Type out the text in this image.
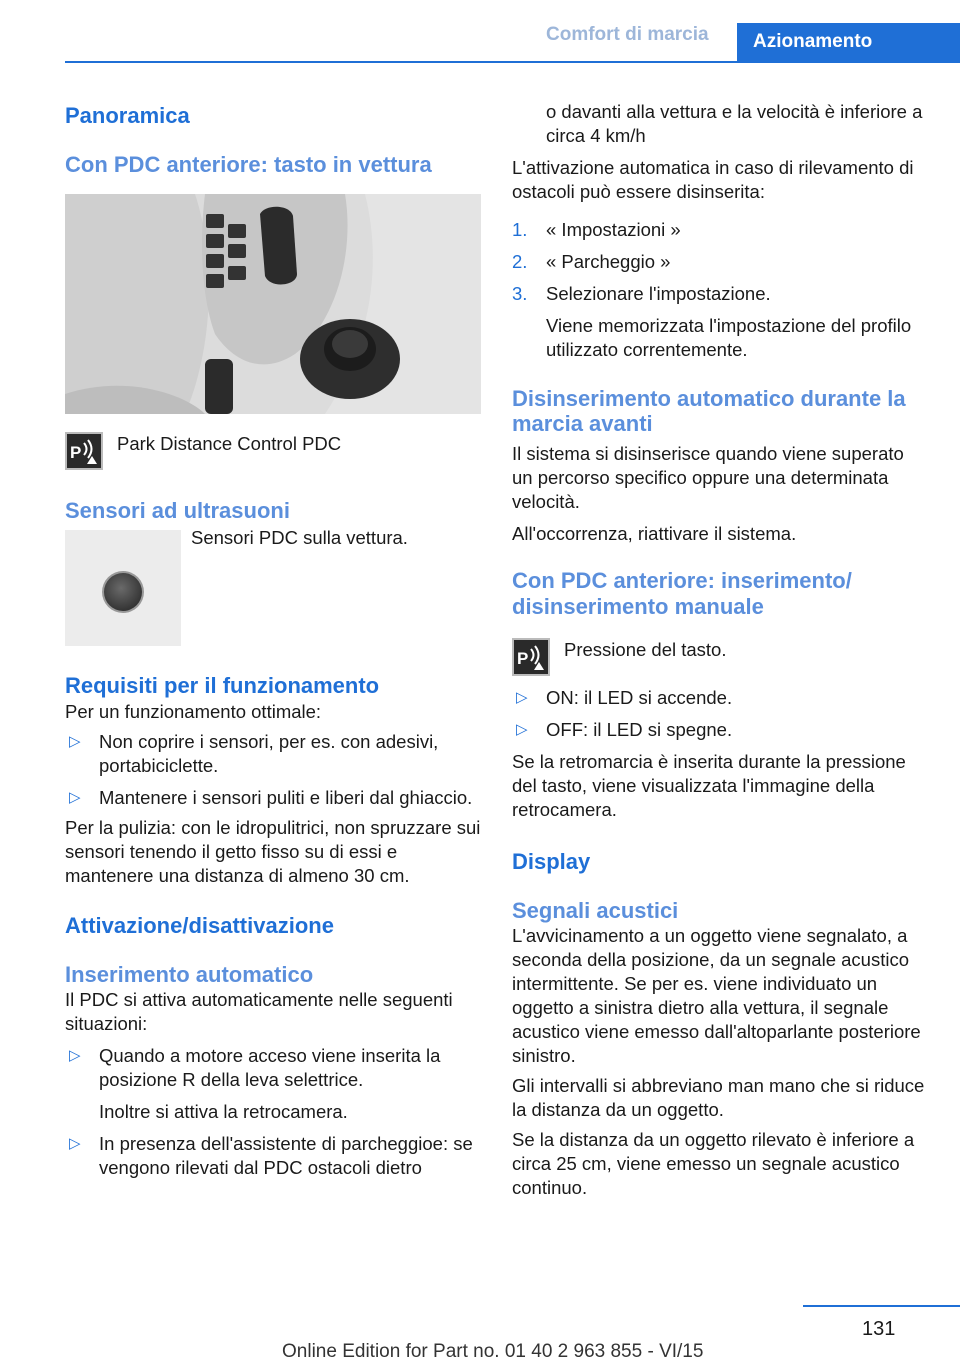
Comfort di marcia	Azionamento
Panoramica
Con PDC anteriore: tasto in vettura
P Park Distance Control PDC

Sensori ad ultrasuoni

Sensori PDC sulla vettura.

Requisiti per il funzionamento

Per un funzionamento ottimale:

▷ Non coprire i sensori, per es. con adesivi, portabiciclette.
▷ Mantenere i sensori puliti e liberi dal ghiaccio.

Per la pulizia: con le idropulitrici, non spruzzare sui sensori tenendo il getto fisso su di essi e mantenere una distanza di almeno 30 cm.

Attivazione/disattivazione
Inserimento automatico

Il PDC si attiva automaticamente nelle seguenti situazioni:

▷ Quando a motore acceso viene inserita la posizione R della leva selettrice.
Inoltre si attiva la retrocamera.
▷ In presenza dell'assistente di parcheggioe: se vengono rilevati dal PDC ostacoli dietro

o davanti alla vettura e la velocità è inferiore a circa 4 km/h

L'attivazione automatica in caso di rilevamento di ostacoli può essere disinserita:

1. « Impostazioni »
2. « Parcheggio »
3. Selezionare l'impostazione.
Viene memorizzata l'impostazione del profilo utilizzato correntemente.
Disinserimento automatico durante la marcia avanti

Il sistema si disinserisce quando viene superato un percorso specifico oppure una determinata velocità.

All'occorrenza, riattivare il sistema.

Con PDC anteriore: inserimento/ disinserimento manuale
P Pressione del tasto.

▷ ON: il LED si accende.
▷ OFF: il LED si spegne.

Se la retromarcia è inserita durante la pressione del tasto, viene visualizzata l'immagine della retrocamera.

Display
Segnali acustici

L'avvicinamento a un oggetto viene segnalato, a seconda della posizione, da un segnale acustico intermittente. Se per es. viene individuato un oggetto a sinistra dietro alla vettura, il segnale acustico viene emesso dall'altoparlante posteriore sinistro.

Gli intervalli si abbreviano man mano che si riduce la distanza da un oggetto.

Se la distanza da un oggetto rilevato è inferiore a circa 25 cm, viene emesso un segnale acustico continuo.

131
Online Edition for Part no. 01 40 2 963 855 - VI/15
